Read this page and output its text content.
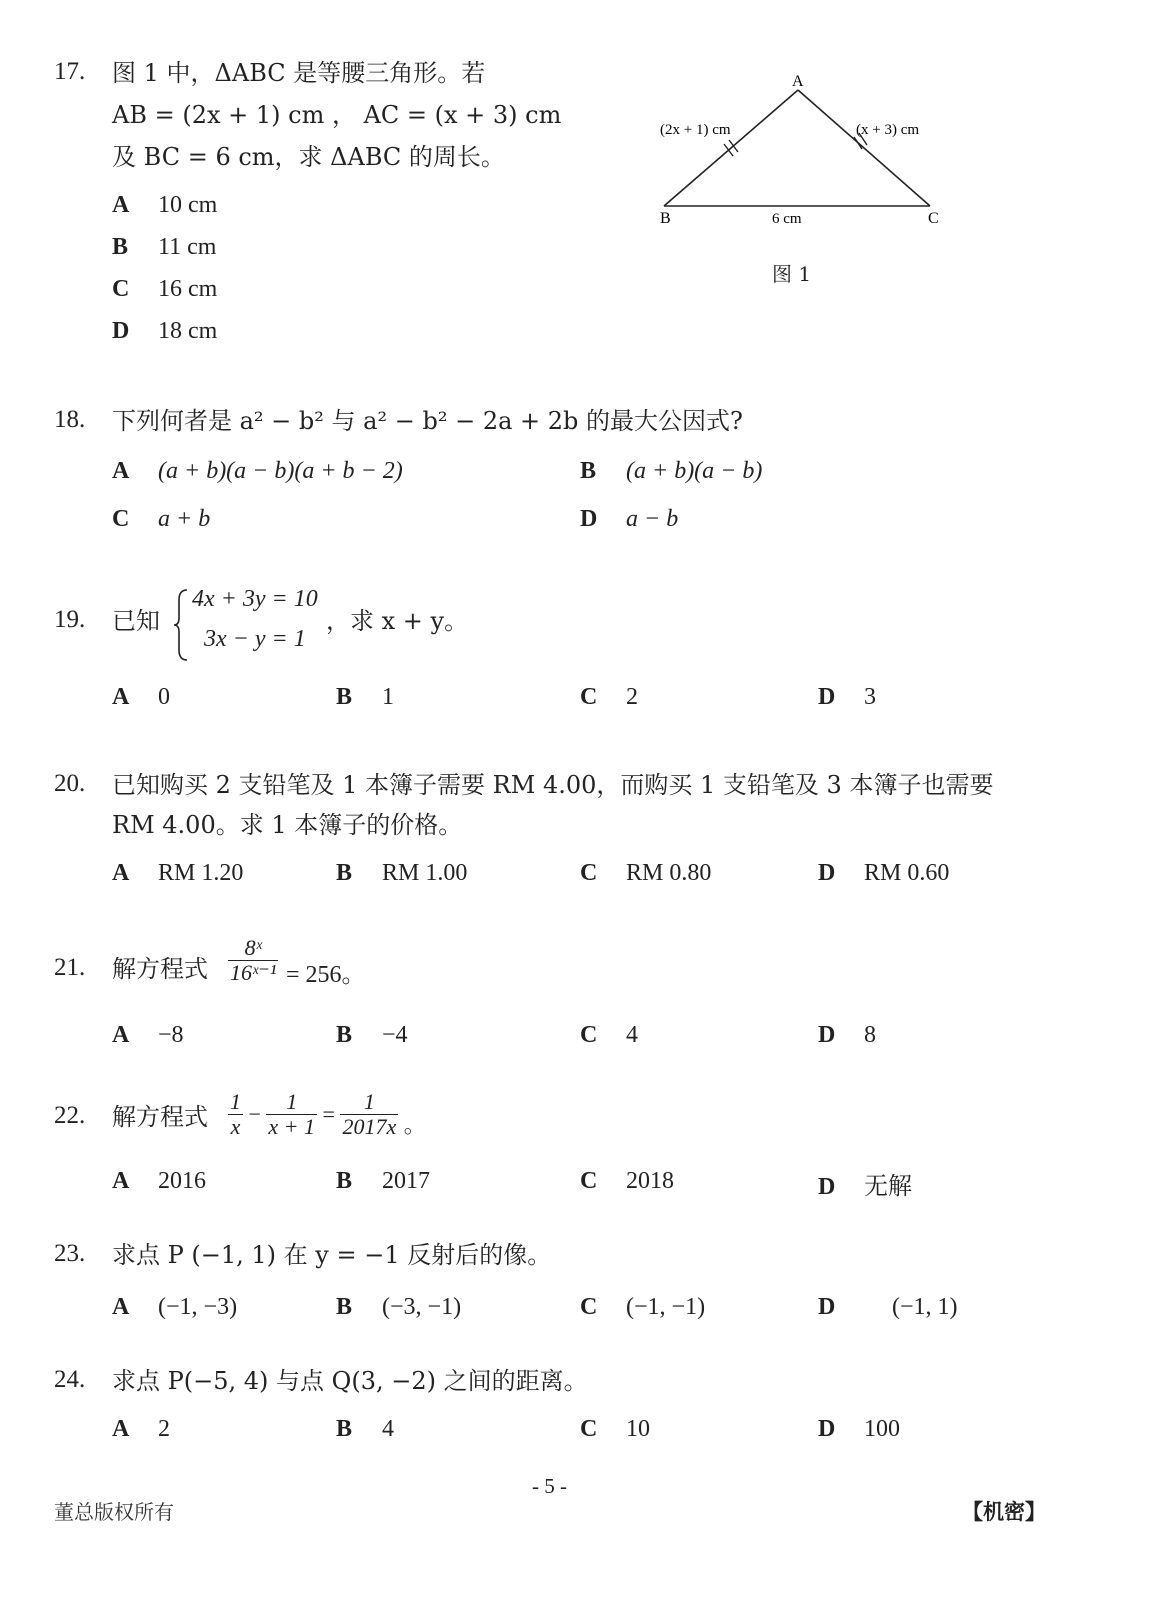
17. 图 1 中，ΔABC 是等腰三角形。若
AB = (2x + 1) cm ， AC = (x + 3) cm
及 BC = 6 cm，求 ΔABC 的周长。
A 10 cm
B 11 cm
C 16 cm
D 18 cm
A
B	C
(2x + 1) cm	(x + 3) cm
6 cm
图 1
18. 下列何者是 a² − b² 与 a² − b² − 2a + 2b 的最大公因式?
A (a + b)(a − b)(a + b − 2)	B (a + b)(a − b)
C a + b	D a − b
19. 已知
4x + 3y = 10
3x − y = 1
，求 x + y。
A 0	B 1	C 2	D 3
20. 已知购买 2 支铅笔及 1 本簿子需要 RM 4.00，而购买 1 支铅笔及 3 本簿子也需要
RM 4.00。求 1 本簿子的价格。
A RM 1.20	B RM 1.00	C RM 0.80	D RM 0.60
21. 解方程式 $\frac{\text{8ˣ}}{\text{16ˣ⁻¹}} = 256$。
A −8	B −4	C 4	D 8
22. 解方程式 $\frac{1}{x} - \frac{1}{x + 1} = \frac{1}{2017x}$ 。
A 2016	B 2017	C 2018	D 无解
23. 求点 P (−1, 1) 在 y = −1 反射后的像。
A (−1, −3)	B (−3, −1)	C (−1, −1)	D (−1, 1)
24. 求点 P(−5, 4) 与点 Q(3, −2) 之间的距离。
A 2	B 4	C 10	D 100
- 5 -
董总版权所有	【机密】
